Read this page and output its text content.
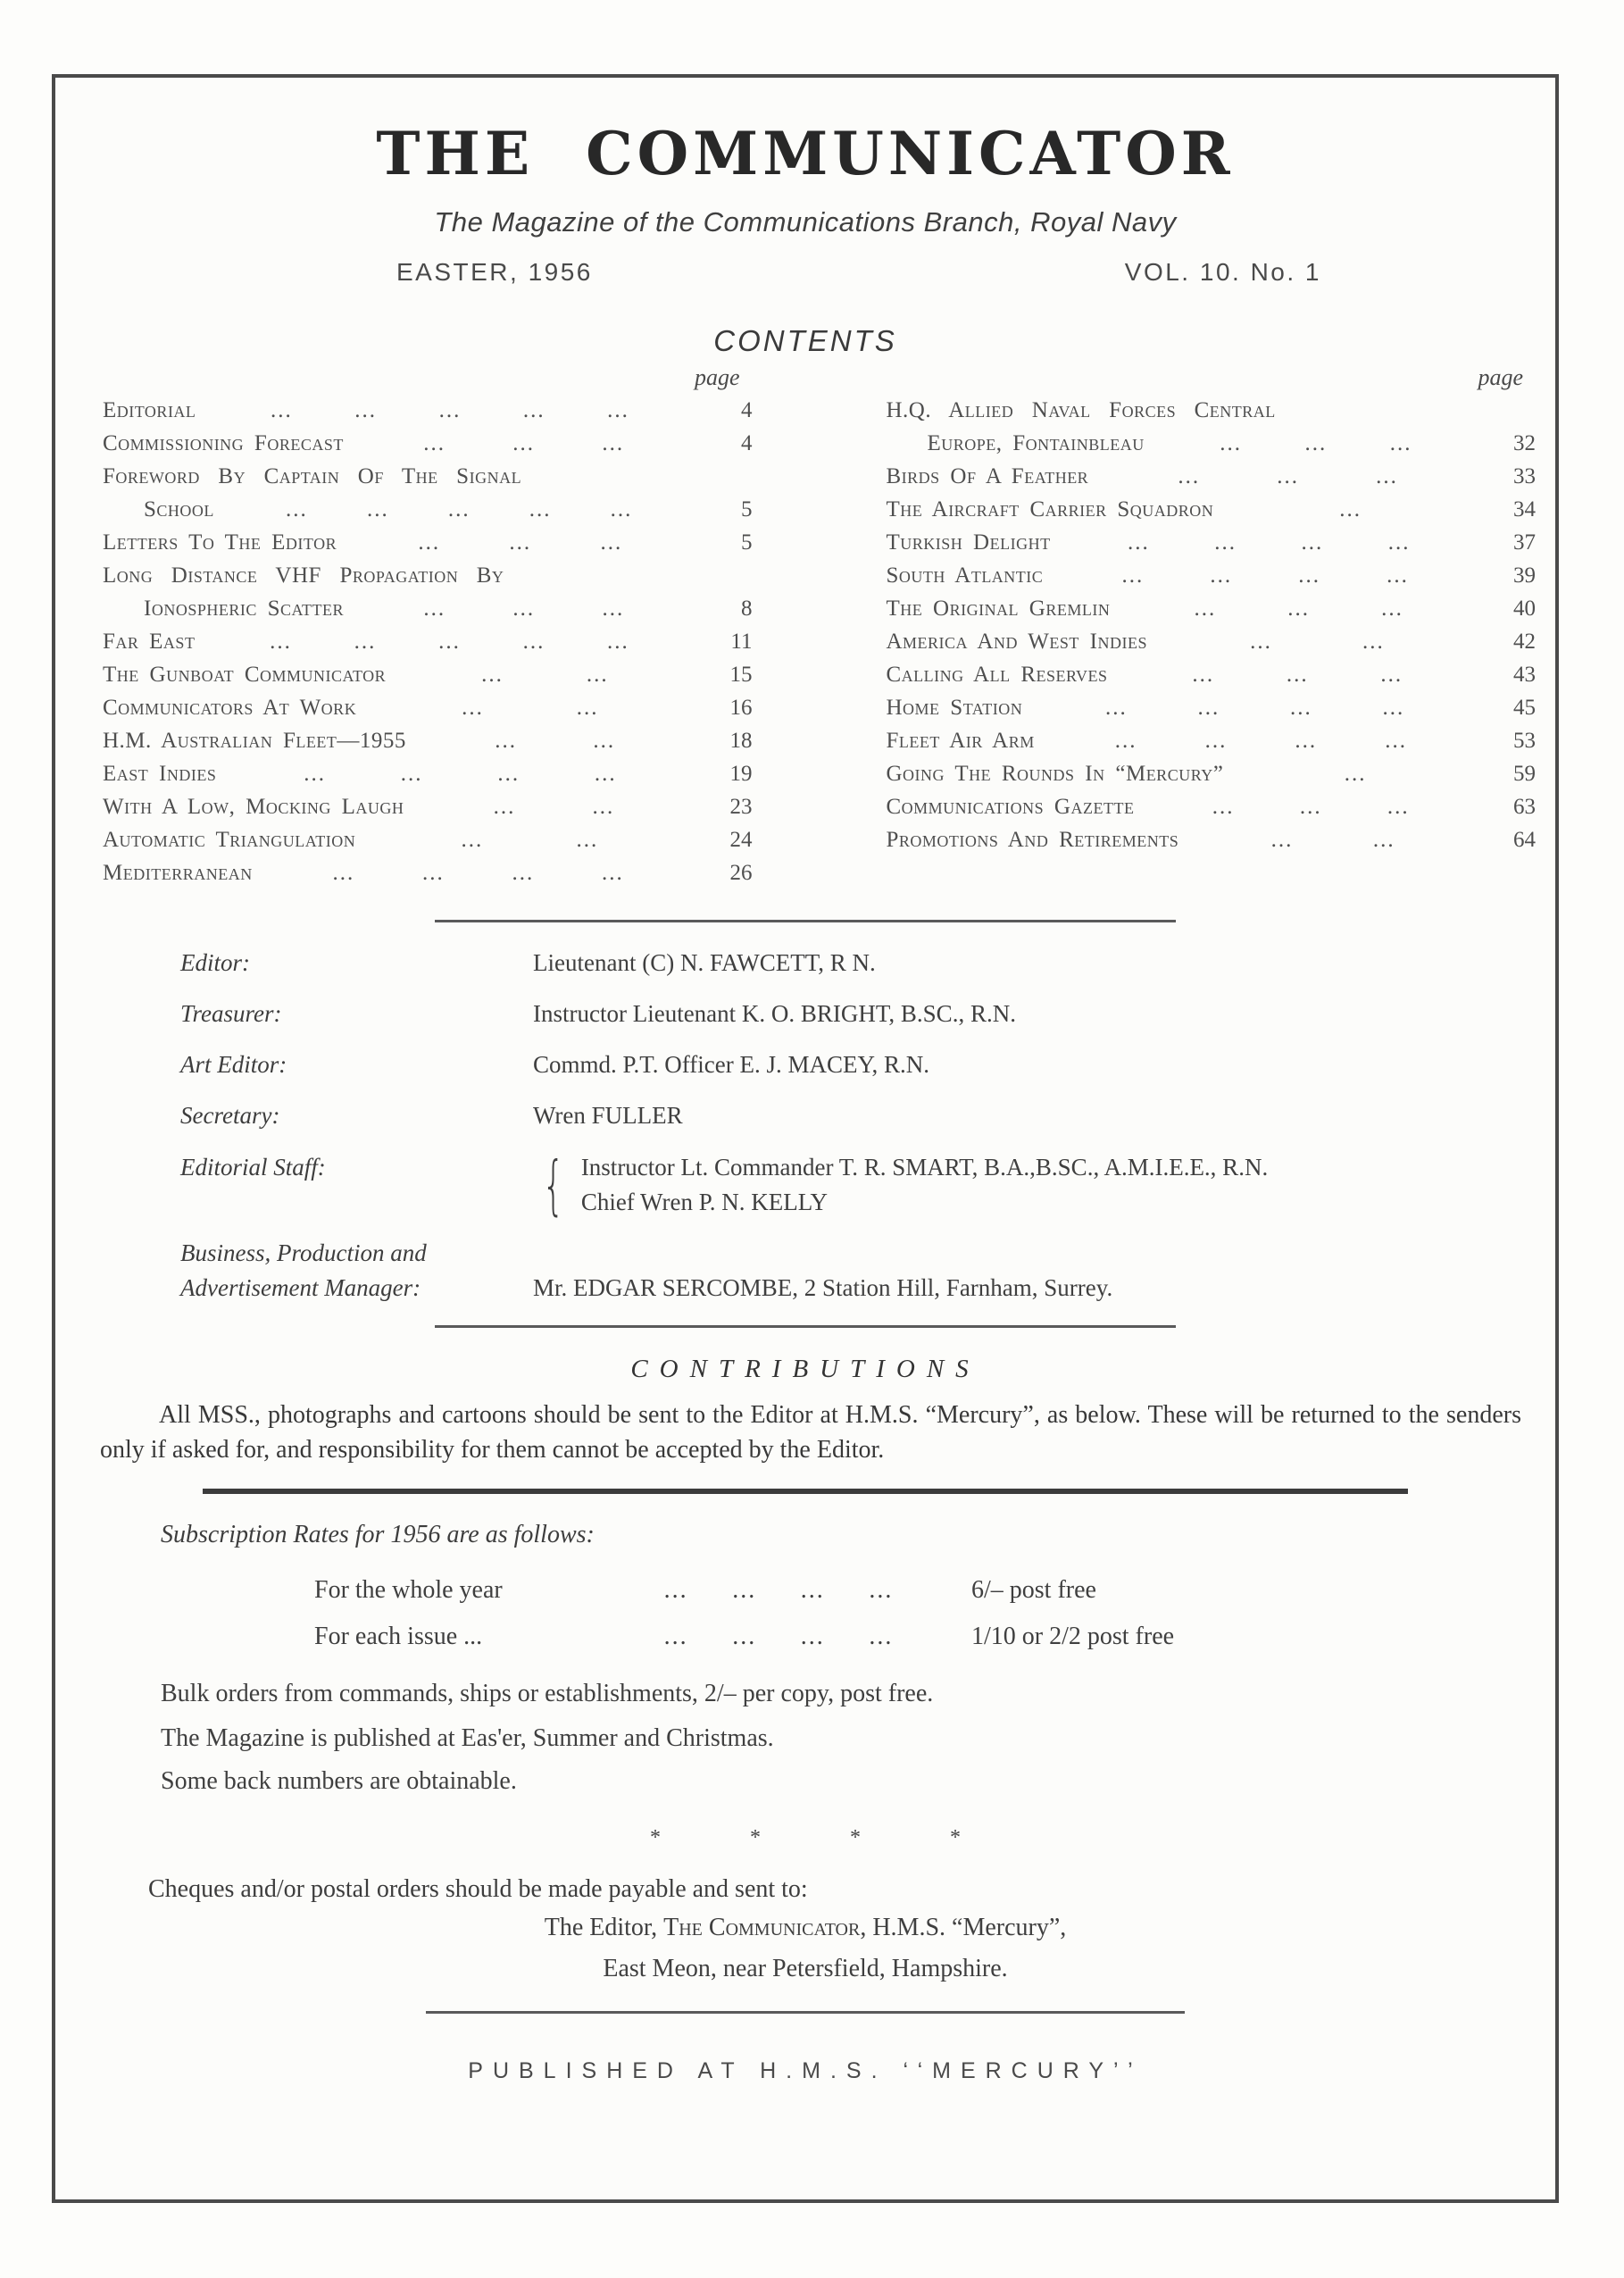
THE COMMUNICATOR
The Magazine of the Communications Branch, Royal Navy
EASTER, 1956	VOL. 10. No. 1
CONTENTS
page
Editorial	...	...	...	...	...	4
Commissioning Forecast	...	...	...	4
Foreword By Captain Of The Signal
School	...	...	...	...	...	5
Letters To The Editor	...	...	...	5
Long Distance VHF Propagation By
Ionospheric Scatter	...	...	...	8
Far East	...	...	...	...	...	11
The Gunboat Communicator	...	...	15
Communicators At Work	...	...	16
H.M. Australian Fleet—1955	...	...	18
East Indies	...	...	...	...	19
With A Low, Mocking Laugh	...	...	23
Automatic Triangulation	...	...	24
Mediterranean	...	...	...	...	26
page
H.Q. Allied Naval Forces Central
Europe, Fontainbleau	...	...	...	32
Birds Of A Feather	...	...	...	33
The Aircraft Carrier Squadron	...	34
Turkish Delight	...	...	...	...	37
South Atlantic	...	...	...	...	39
The Original Gremlin	...	...	...	40
America And West Indies	...	...	42
Calling All Reserves	...	...	...	43
Home Station	...	...	...	...	45
Fleet Air Arm	...	...	...	...	53
Going The Rounds In “Mercury”	...	59
Communications Gazette	...	...	...	63
Promotions And Retirements	...	...	64
Editor:	Lieutenant (C) N. FAWCETT, R N.
Treasurer:	Instructor Lieutenant K. O. BRIGHT, B.SC., R.N.
Art Editor:	Commd. P.T. Officer E. J. MACEY, R.N.
Secretary:	Wren FULLER
Editorial Staff:	{ Instructor Lt. Commander T. R. SMART, B.A.,B.SC., A.M.I.E.E., R.N.
Chief Wren P. N. KELLY
Business, Production and Advertisement Manager:	Mr. EDGAR SERCOMBE, 2 Station Hill, Farnham, Surrey.
CONTRIBUTIONS

All MSS., photographs and cartoons should be sent to the Editor at H.M.S. “Mercury”, as below. These will be returned to the senders only if asked for, and responsibility for them cannot be accepted by the Editor.

Subscription Rates for 1956 are as follows:
For the whole year	... ... ... ...	6/– post free
For each issue ...	... ... ... ...	1/10 or 2/2 post free
Bulk orders from commands, ships or establishments, 2/– per copy, post free.
The Magazine is published at Eas'er, Summer and Christmas.
Some back numbers are obtainable.
*	*	*	*
Cheques and/or postal orders should be made payable and sent to:
The Editor, The Communicator, H.M.S. “Mercury”,
East Meon, near Petersfield, Hampshire.
PUBLISHED AT H.M.S. ‘‘MERCURY’’
